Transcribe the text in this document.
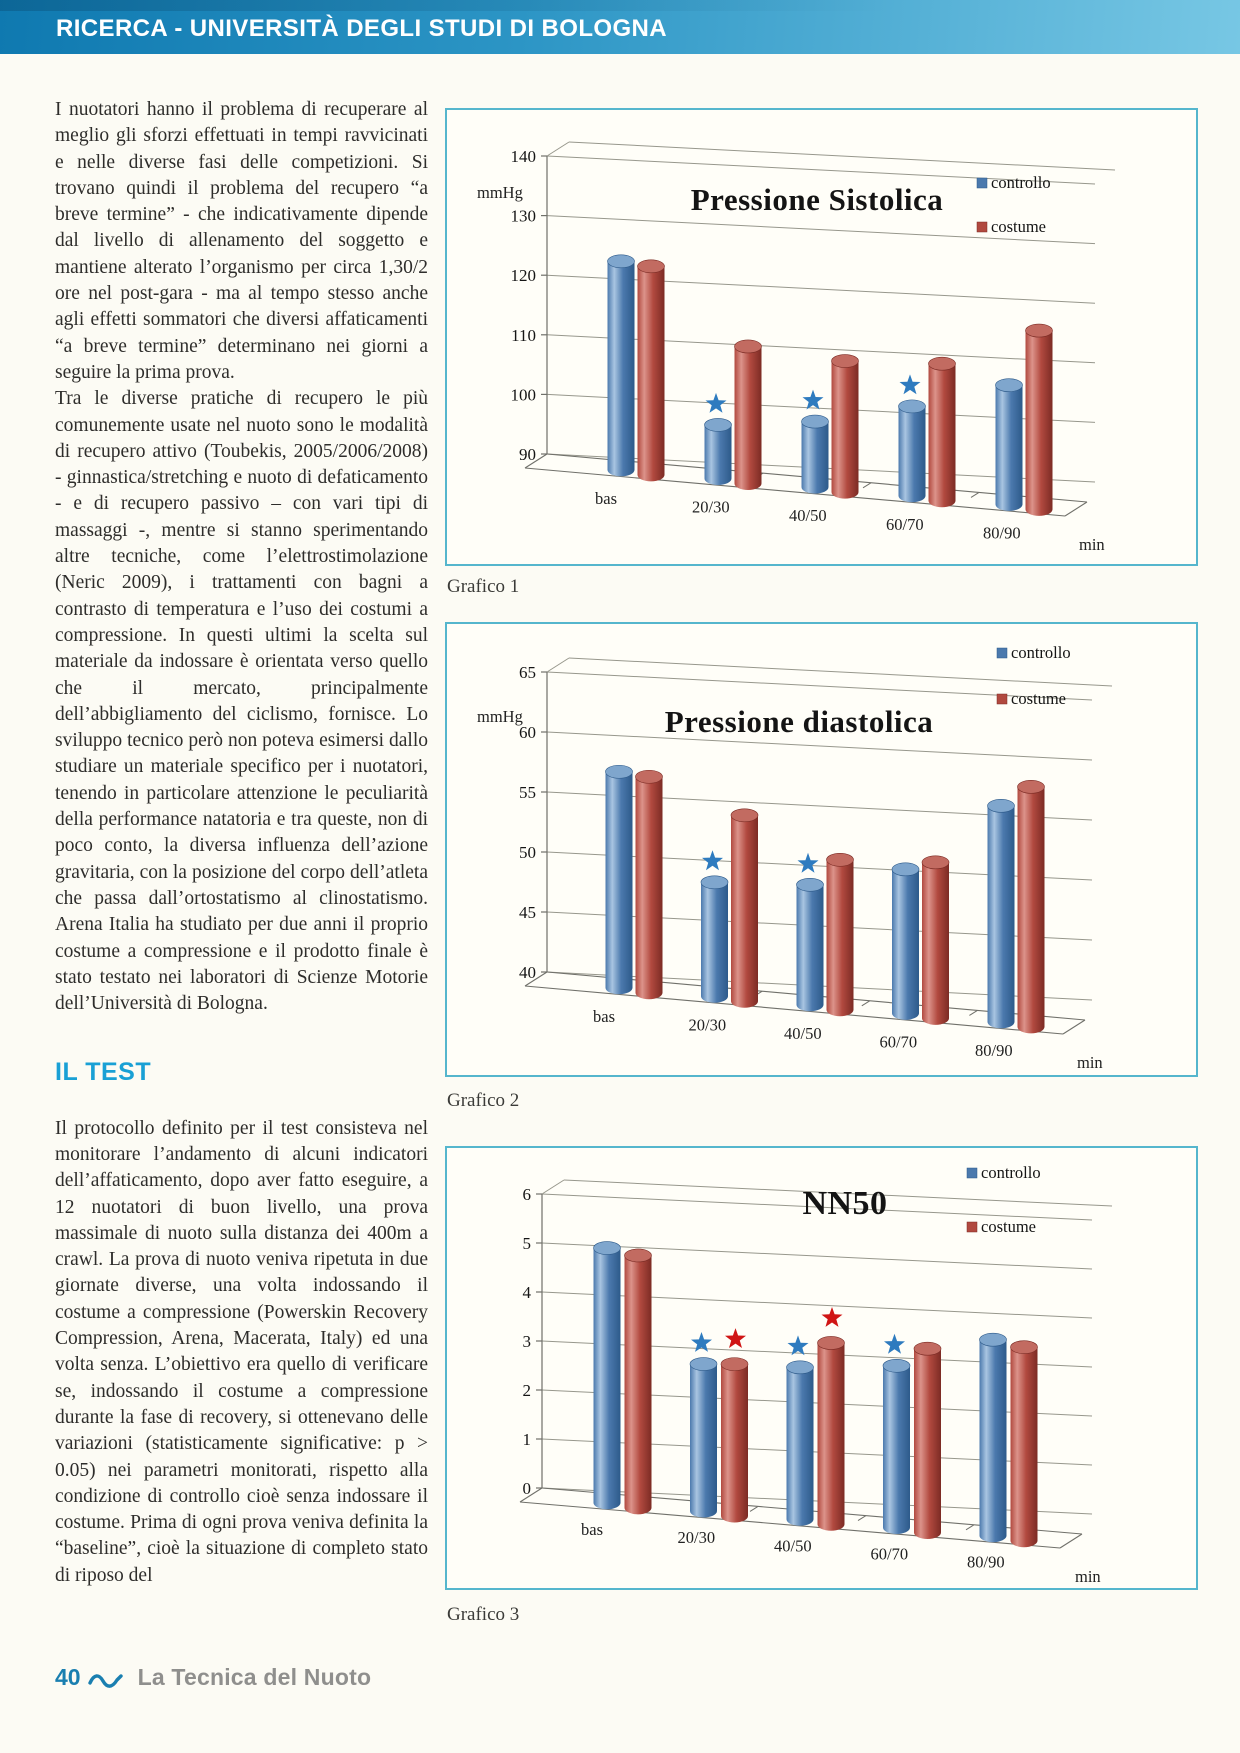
RICERCA - UNIVERSITÀ DEGLI STUDI DI BOLOGNA

I nuotatori hanno il problema di recuperare al meglio gli sforzi effettuati in tempi ravvicinati e nelle diverse fasi delle competizioni. Si trovano quindi il problema del recupero “a breve termine” - che indicativamente dipende dal livello di allenamento del soggetto e mantiene alterato l’organismo per circa 1,30/2 ore nel post-gara - ma al tempo stesso anche agli effetti sommatori che diversi affaticamenti “a breve termine” determinano nei giorni a seguire la prima prova.

Tra le diverse pratiche di recupero le più comunemente usate nel nuoto sono le modalità di recupero attivo (Toubekis, 2005/2006/2008) - ginnastica/stretching e nuoto di defaticamento - e di recupero passivo – con vari tipi di massaggi -, mentre si stanno sperimentando altre tecniche, come l’elettrostimolazione (Neric 2009), i trattamenti con bagni a contrasto di temperatura e l’uso dei costumi a compressione. In questi ultimi la scelta sul materiale da indossare è orientata verso quello che il mercato, principalmente dell’abbigliamento del ciclismo, fornisce. Lo sviluppo tecnico però non poteva esimersi dallo studiare un materiale specifico per i nuotatori, tenendo in particolare attenzione le peculiarità della performance natatoria e tra queste, non di poco conto, la diversa influenza dell’azione gravitaria, con la posizione del corpo dell’atleta che passa dall’ortostatismo al clinostatismo. Arena Italia ha studiato per due anni il proprio costume a compressione e il prodotto finale è stato testato nei laboratori di Scienze Motorie dell’Università di Bologna.

IL TEST

Il protocollo definito per il test consisteva nel monitorare l’andamento di alcuni indicatori dell’affaticamento, dopo aver fatto eseguire, a 12 nuotatori di buon livello, una prova massimale di nuoto sulla distanza dei 400m a crawl. La prova di nuoto veniva ripetuta in due giornate diverse, una volta indossando il costume a compressione (Powerskin Recovery Compression, Arena, Macerata, Italy) ed una volta senza. L’obiettivo era quello di verificare se, indossando il costume a compressione durante la fase di recovery, si ottenevano delle variazioni (statisticamente significative: p > 0.05) nei parametri monitorati, rispetto alla condizione di controllo cioè senza indossare il costume. Prima di ogni prova veniva definita la “baseline”, cioè la situazione di completo stato di riposo del

140
130
120
110
100
90
bas	20/30	40/50	60/70	80/90
min
mmHg	Pressione Sistolica	controllo
costume
Grafico 1
65
60
55
50
45
40
bas	20/30	40/50	60/70	80/90
min
mmHg	Pressione diastolica
controllo
costume
Grafico 2
6
5
4
3
2
1
0
bas	20/30	40/50	60/70	80/90
min
NN50
controllo
costume
Grafico 3
40 La Tecnica del Nuoto
